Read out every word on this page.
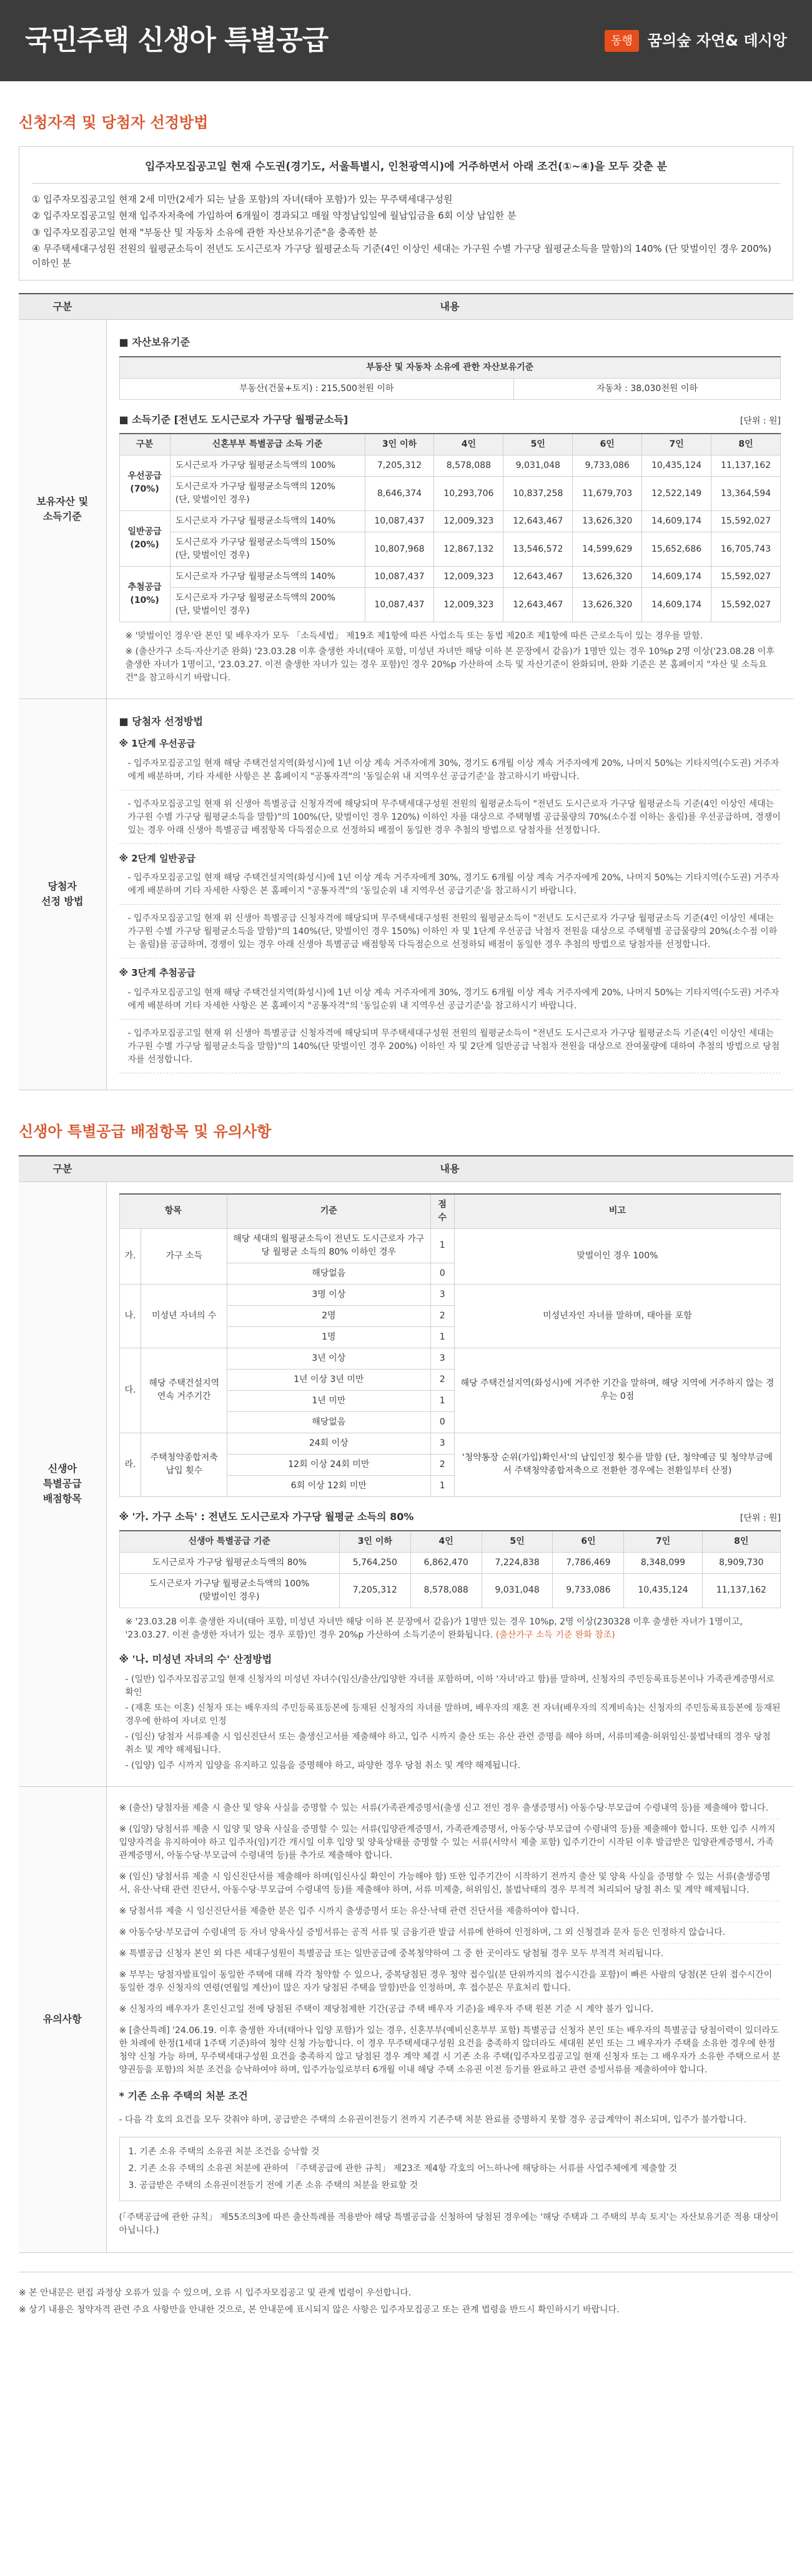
국민주택 신생아 특별공급	동행	꿈의숲 자연& 데시앙
신청자격 및 당첨자 선정방법
입주자모집공고일 현재 수도권(경기도, 서울특별시, 인천광역시)에 거주하면서 아래 조건(①~④)을 모두 갖춘 분

① 입주자모집공고일 현재 2세 미만(2세가 되는 날을 포함)의 자녀(태아 포함)가 있는 무주택세대구성원

② 입주자모집공고일 현재 입주자저축에 가입하여 6개월이 경과되고 매월 약정납입일에 월납입금을 6회 이상 납입한 분

③ 입주자모집공고일 현재 "부동산 및 자동차 소유에 관한 자산보유기준"을 충족한 분

④ 무주택세대구성원 전원의 월평균소득이 전년도 도시근로자 가구당 월평균소득 기준(4인 이상인 세대는 가구원 수별 가구당 월평균소득을 말함)의 140% (단 맞벌이인 경우 200%) 이하인 분

구분	내용
보유자산 및
소득기준	
■ 자산보유기준
부동산 및 자동차 소유에 관한 자산보유기준
부동산(건물+토지) : 215,500천원 이하	자동차 : 38,030천원 이하
■ 소득기준 [전년도 도시근로자 가구당 월평균소득]	[단위 : 원]
구분	신혼부부 특별공급 소득 기준	3인 이하	4인	5인	6인	7인	8인
우선공급
(70%)	도시근로자 가구당 월평균소득액의 100%	7,205,312	8,578,088	9,031,048	9,733,086	10,435,124	11,137,162
도시근로자 가구당 월평균소득액의 120%
(단, 맞벌이인 경우)	8,646,374	10,293,706	10,837,258	11,679,703	12,522,149	13,364,594
일반공급
(20%)	도시근로자 가구당 월평균소득액의 140%	10,087,437	12,009,323	12,643,467	13,626,320	14,609,174	15,592,027
도시근로자 가구당 월평균소득액의 150%
(단, 맞벌이인 경우)	10,807,968	12,867,132	13,546,572	14,599,629	15,652,686	16,705,743
추첨공급
(10%)	도시근로자 가구당 월평균소득액의 140%	10,087,437	12,009,323	12,643,467	13,626,320	14,609,174	15,592,027
도시근로자 가구당 월평균소득액의 200%
(단, 맞벌이인 경우)	10,087,437	12,009,323	12,643,467	13,626,320	14,609,174	15,592,027

※ '맞벌이인 경우'란 본인 및 배우자가 모두 「소득세법」 제19조 제1항에 따른 사업소득 또는 동법 제20조 제1항에 따른 근로소득이 있는 경우를 말함.

※ (출산가구 소득·자산기준 완화) '23.03.28 이후 출생한 자녀(태아 포함, 미성년 자녀만 해당 이하 본 문장에서 같음)가 1명만 있는 경우 10%p 2명 이상('23.08.28 이후 출생한 자녀가 1명이고, '23.03.27. 이전 출생한 자녀가 있는 경우 포함)인 경우 20%p 가산하여 소득 및 자산기준이 완화되며, 완화 기준은 본 홈페이지 "자산 및 소득요건"을 참고하시기 바랍니다.

당첨자
선정 방법	
■ 당첨자 선정방법
※ 1단계 우선공급

- 입주자모집공고일 현재 해당 주택건설지역(화성시)에 1년 이상 계속 거주자에게 30%, 경기도 6개월 이상 계속 거주자에게 20%, 나머지 50%는 기타지역(수도권) 거주자에게 배분하며, 기타 자세한 사항은 본 홈페이지 "공통자격"의 '동일순위 내 지역우선 공급기준'을 참고하시기 바랍니다.

- 입주자모집공고일 현재 위 신생아 특별공급 신청자격에 해당되며 무주택세대구성원 전원의 월평균소득이 "전년도 도시근로자 가구당 월평균소득 기준(4인 이상인 세대는 가구원 수별 가구당 월평균소득을 말함)"의 100%(단, 맞벌이인 경우 120%) 이하인 자를 대상으로 주택형별 공급물량의 70%(소수점 이하는 올림)를 우선공급하며, 경쟁이 있는 경우 아래 신생아 특별공급 배점항목 다득점순으로 선정하되 배점이 동일한 경우 추첨의 방법으로 당첨자를 선정합니다.

※ 2단계 일반공급

- 입주자모집공고일 현재 해당 주택건설지역(화성시)에 1년 이상 계속 거주자에게 30%, 경기도 6개월 이상 계속 거주자에게 20%, 나머지 50%는 기타지역(수도권) 거주자에게 배분하며 기타 자세한 사항은 본 홈페이지 "공통자격"의 '동일순위 내 지역우선 공급기준'을 참고하시기 바랍니다.

- 입주자모집공고일 현재 위 신생아 특별공급 신청자격에 해당되며 무주택세대구성원 전원의 월평균소득이 "전년도 도시근로자 가구당 월평균소득 기준(4인 이상인 세대는 가구원 수별 가구당 월평균소득을 말함)"의 140%(단, 맞벌이인 경우 150%) 이하인 자 및 1단계 우선공급 낙첨자 전원을 대상으로 주택형별 공급물량의 20%(소수점 이하는 올림)를 공급하며, 경쟁이 있는 경우 아래 신생아 특별공급 배점항목 다득점순으로 선정하되 배점이 동일한 경우 추첨의 방법으로 당첨자를 선정합니다.

※ 3단계 추첨공급

- 입주자모집공고일 현재 해당 주택건설지역(화성시)에 1년 이상 계속 거주자에게 30%, 경기도 6개월 이상 계속 거주자에게 20%, 나머지 50%는 기타지역(수도권) 거주자에게 배분하며 기타 자세한 사항은 본 홈페이지 "공통자격"의 '동일순위 내 지역우선 공급기준'을 참고하시기 바랍니다.

- 입주자모집공고일 현재 위 신생아 특별공급 신청자격에 해당되며 무주택세대구성원 전원의 월평균소득이 "전년도 도시근로자 가구당 월평균소득 기준(4인 이상인 세대는 가구원 수별 가구당 월평균소득을 말함)"의 140%(단 맞벌이인 경우 200%) 이하인 자 및 2단계 일반공급 낙첨자 전원을 대상으로 잔여물량에 대하여 추첨의 방법으로 당첨자를 선정합니다.

신생아 특별공급 배점항목 및 유의사항
구분	내용
신생아
특별공급
배점항목	
항목	기준	점수	비고
가.	가구 소득	해당 세대의 월평균소득이 전년도 도시근로자 가구당 월평균 소득의 80% 이하인 경우	1	맞벌이인 경우 100%
해당없음	0
나.	미성년 자녀의 수	3명 이상	3	미성년자인 자녀를 말하며, 태아를 포함
2명	2
1명	1
다.	해당 주택건설지역 연속 거주기간	3년 이상	3	해당 주택건설지역(화성시)에 거주한 기간을 말하며, 해당 지역에 거주하지 않는 경우는 0점
1년 이상 3년 미만	2
1년 미만	1
해당없음	0
라.	주택청약종합저축 납입 횟수	24회 이상	3	'청약통장 순위(가입)확인서'의 납입인정 횟수를 말함 (단, 청약예금 및 청약부금에서 주택청약종합저축으로 전환한 경우에는 전환일부터 산정)
12회 이상 24회 미만	2
6회 이상 12회 미만	1
※ '가. 가구 소득' : 전년도 도시근로자 가구당 월평균 소득의 80%	[단위 : 원]
신생아 특별공급 기준	3인 이하	4인	5인	6인	7인	8인
도시근로자 가구당 월평균소득액의 80%	5,764,250	6,862,470	7,224,838	7,786,469	8,348,099	8,909,730
도시근로자 가구당 월평균소득액의 100%
(맞벌이인 경우)	7,205,312	8,578,088	9,031,048	9,733,086	10,435,124	11,137,162

※ '23.03.28 이후 출생한 자녀(태아 포함, 미성년 자녀만 해당 이하 본 문장에서 같음)가 1명만 있는 경우 10%p, 2명 이상(230328 이후 출생한 자녀가 1명이고, '23.03.27. 이전 출생한 자녀가 있는 경우 포함)인 경우 20%p 가산하여 소득기준이 완화됩니다. (출산가구 소득 기준 완화 참조)

※ '나. 미성년 자녀의 수' 산정방법

- (일반) 입주자모집공고일 현재 신청자의 미성년 자녀수(임신/출산/입양한 자녀를 포함하며, 이하 '자녀'라고 함)를 말하며, 신청자의 주민등록표등본이나 가족관계증명서로 확인

- (재혼 또는 이혼) 신청자 또는 배우자의 주민등록표등본에 등재된 신청자의 자녀를 말하며, 배우자의 재혼 전 자녀(배우자의 직계비속)는 신청자의 주민등록표등본에 등재된 경우에 한하여 자녀로 인정

- (임신) 당첨자 서류제출 시 임신진단서 또는 출생신고서를 제출해야 하고, 입주 시까지 출산 또는 유산 관련 증명을 해야 하며, 서류미제출·허위임신·불법낙태의 경우 당첨 취소 및 계약 해제됩니다.

- (입양) 입주 시까지 입양을 유지하고 있음을 증명해야 하고, 파양한 경우 당첨 취소 및 계약 해제됩니다.

유의사항	

※ (출산) 당첨자를 제출 시 출산 및 양육 사실을 증명할 수 있는 서류(가족관계증명서(출생 신고 전인 경우 출생증명서) 아동수당·부모급여 수령내역 등)를 제출해야 합니다.

※ (입양) 당첨서류 제출 시 입양 및 양육 사실을 증명할 수 있는 서류(입양관계증명서, 가족관계증명서, 아동수당·부모급여 수령내역 등)를 제출해야 합니다. 또한 입주 시까지 입양자격을 유지하여야 하고 입주자(임)기간 개시일 이후 입양 및 양육상태를 증명할 수 있는 서류(서약서 제출 포함) 입주기간이 시작된 이후 발급받은 입양관계증명서, 가족관계증명서, 아동수당·부모급여 수령내역 등)를 추가로 제출해야 합니다.

※ (임신) 당첨서류 제출 시 임신진단서를 제출해야 하며(임신사실 확인이 가능해야 함) 또한 입주기간이 시작하기 전까지 출산 및 양육 사실을 증명할 수 있는 서류(출생증명서, 유산·낙태 관련 진단서, 아동수당·부모급여 수령내역 등)를 제출해야 하며, 서류 미제출, 허위임신, 불법낙태의 경우 부적격 처리되어 당첨 취소 및 계약 해제됩니다.

※ 당첨서류 제출 시 임신진단서를 제출한 분은 입주 시까지 출생증명서 또는 유산·낙태 관련 진단서를 제출하여야 합니다.

※ 아동수당·부모급여 수령내역 등 자녀 양육사실 증빙서류는 공적 서류 및 금융기관 발급 서류에 한하여 인정하며, 그 외 신청결과 문자 등은 인정하지 않습니다.

※ 특별공급 신청자 본인 외 다른 세대구성원이 특별공급 또는 일반공급에 중복청약하여 그 중 한 곳이라도 당첨될 경우 모두 부적격 처리됩니다.

※ 부부는 당첨자발표일이 동일한 주택에 대해 각각 청약할 수 있으나, 중복당첨된 경우 청약 접수일(분 단위까지의 접수시간을 포함)이 빠른 사람의 당첨(본 단위 접수시간이 동일한 경우 신청자의 연령(연월일 계산)이 많은 자가 당첨된 주택을 말함)만을 인정하며, 후 접수분은 무효처리 합니다.

※ 신청자의 배우자가 혼인신고일 전에 당첨된 주택이 재당첨제한 기간(공급 주택 배우자 기준)을 배우자 주택 원본 기준 시 계약 불가 입니다.

※ [출산특례] '24.06.19. 이후 출생한 자녀(태아나 입양 포함)가 있는 경우, 신혼부부(예비신혼부부 포함) 특별공급 신청자 본인 또는 배우자의 특별공급 당첨이력이 있더라도 한 차례에 한정(1세대 1주택 기준)하여 청약 신청 가능합니다. 이 경우 무주택세대구성원 요건을 충족하지 않더라도 세대원 본인 또는 그 배우자가 주택을 소유한 경우에 한정 청약 신청 가능 하며, 무주택세대구성원 요건을 충족하지 않고 당첨된 경우 계약 체결 시 기존 소유 주택(입주자모집공고일 현재 신청자 또는 그 배우자가 소유한 주택으로서 분양권등을 포함)의 처분 조건을 승낙하여야 하며, 입주가능일로부터 6개월 이내 해당 주택 소유권 이전 등기를 완료하고 관련 증빙서류를 제출하여야 합니다.

* 기존 소유 주택의 처분 조건

- 다음 각 호의 요건을 모두 갖춰야 하며, 공급받은 주택의 소유권이전등기 전까지 기존주택 처분 완료를 증명하지 못할 경우 공급계약이 취소되며, 입주가 불가합니다.

1. 기존 소유 주택의 소유권 처분 조건을 승낙할 것

2. 기존 소유 주택의 소유권 처분에 관하여 「주택공급에 관한 규칙」 제23조 제4항 각호의 어느하나에 해당하는 서류를 사업주체에게 제출할 것

3. 공급받은 주택의 소유권이전등기 전에 기존 소유 주택의 처분을 완료할 것

(「주택공급에 관한 규칙」 제55조의3에 따른 출산특례를 적용받아 해당 특별공급을 신청하여 당첨된 경우에는 '해당 주택과 그 주택의 부속 토지'는 자산보유기준 적용 대상이 아닙니다.)

※ 본 안내문은 편집 과정상 오류가 있을 수 있으며, 오류 시 입주자모집공고 및 관계 법령이 우선합니다.

※ 상기 내용은 청약자격 관련 주요 사항만을 안내한 것으로, 본 안내문에 표시되지 않은 사항은 입주자모집공고 또는 관계 법령을 반드시 확인하시기 바랍니다.
